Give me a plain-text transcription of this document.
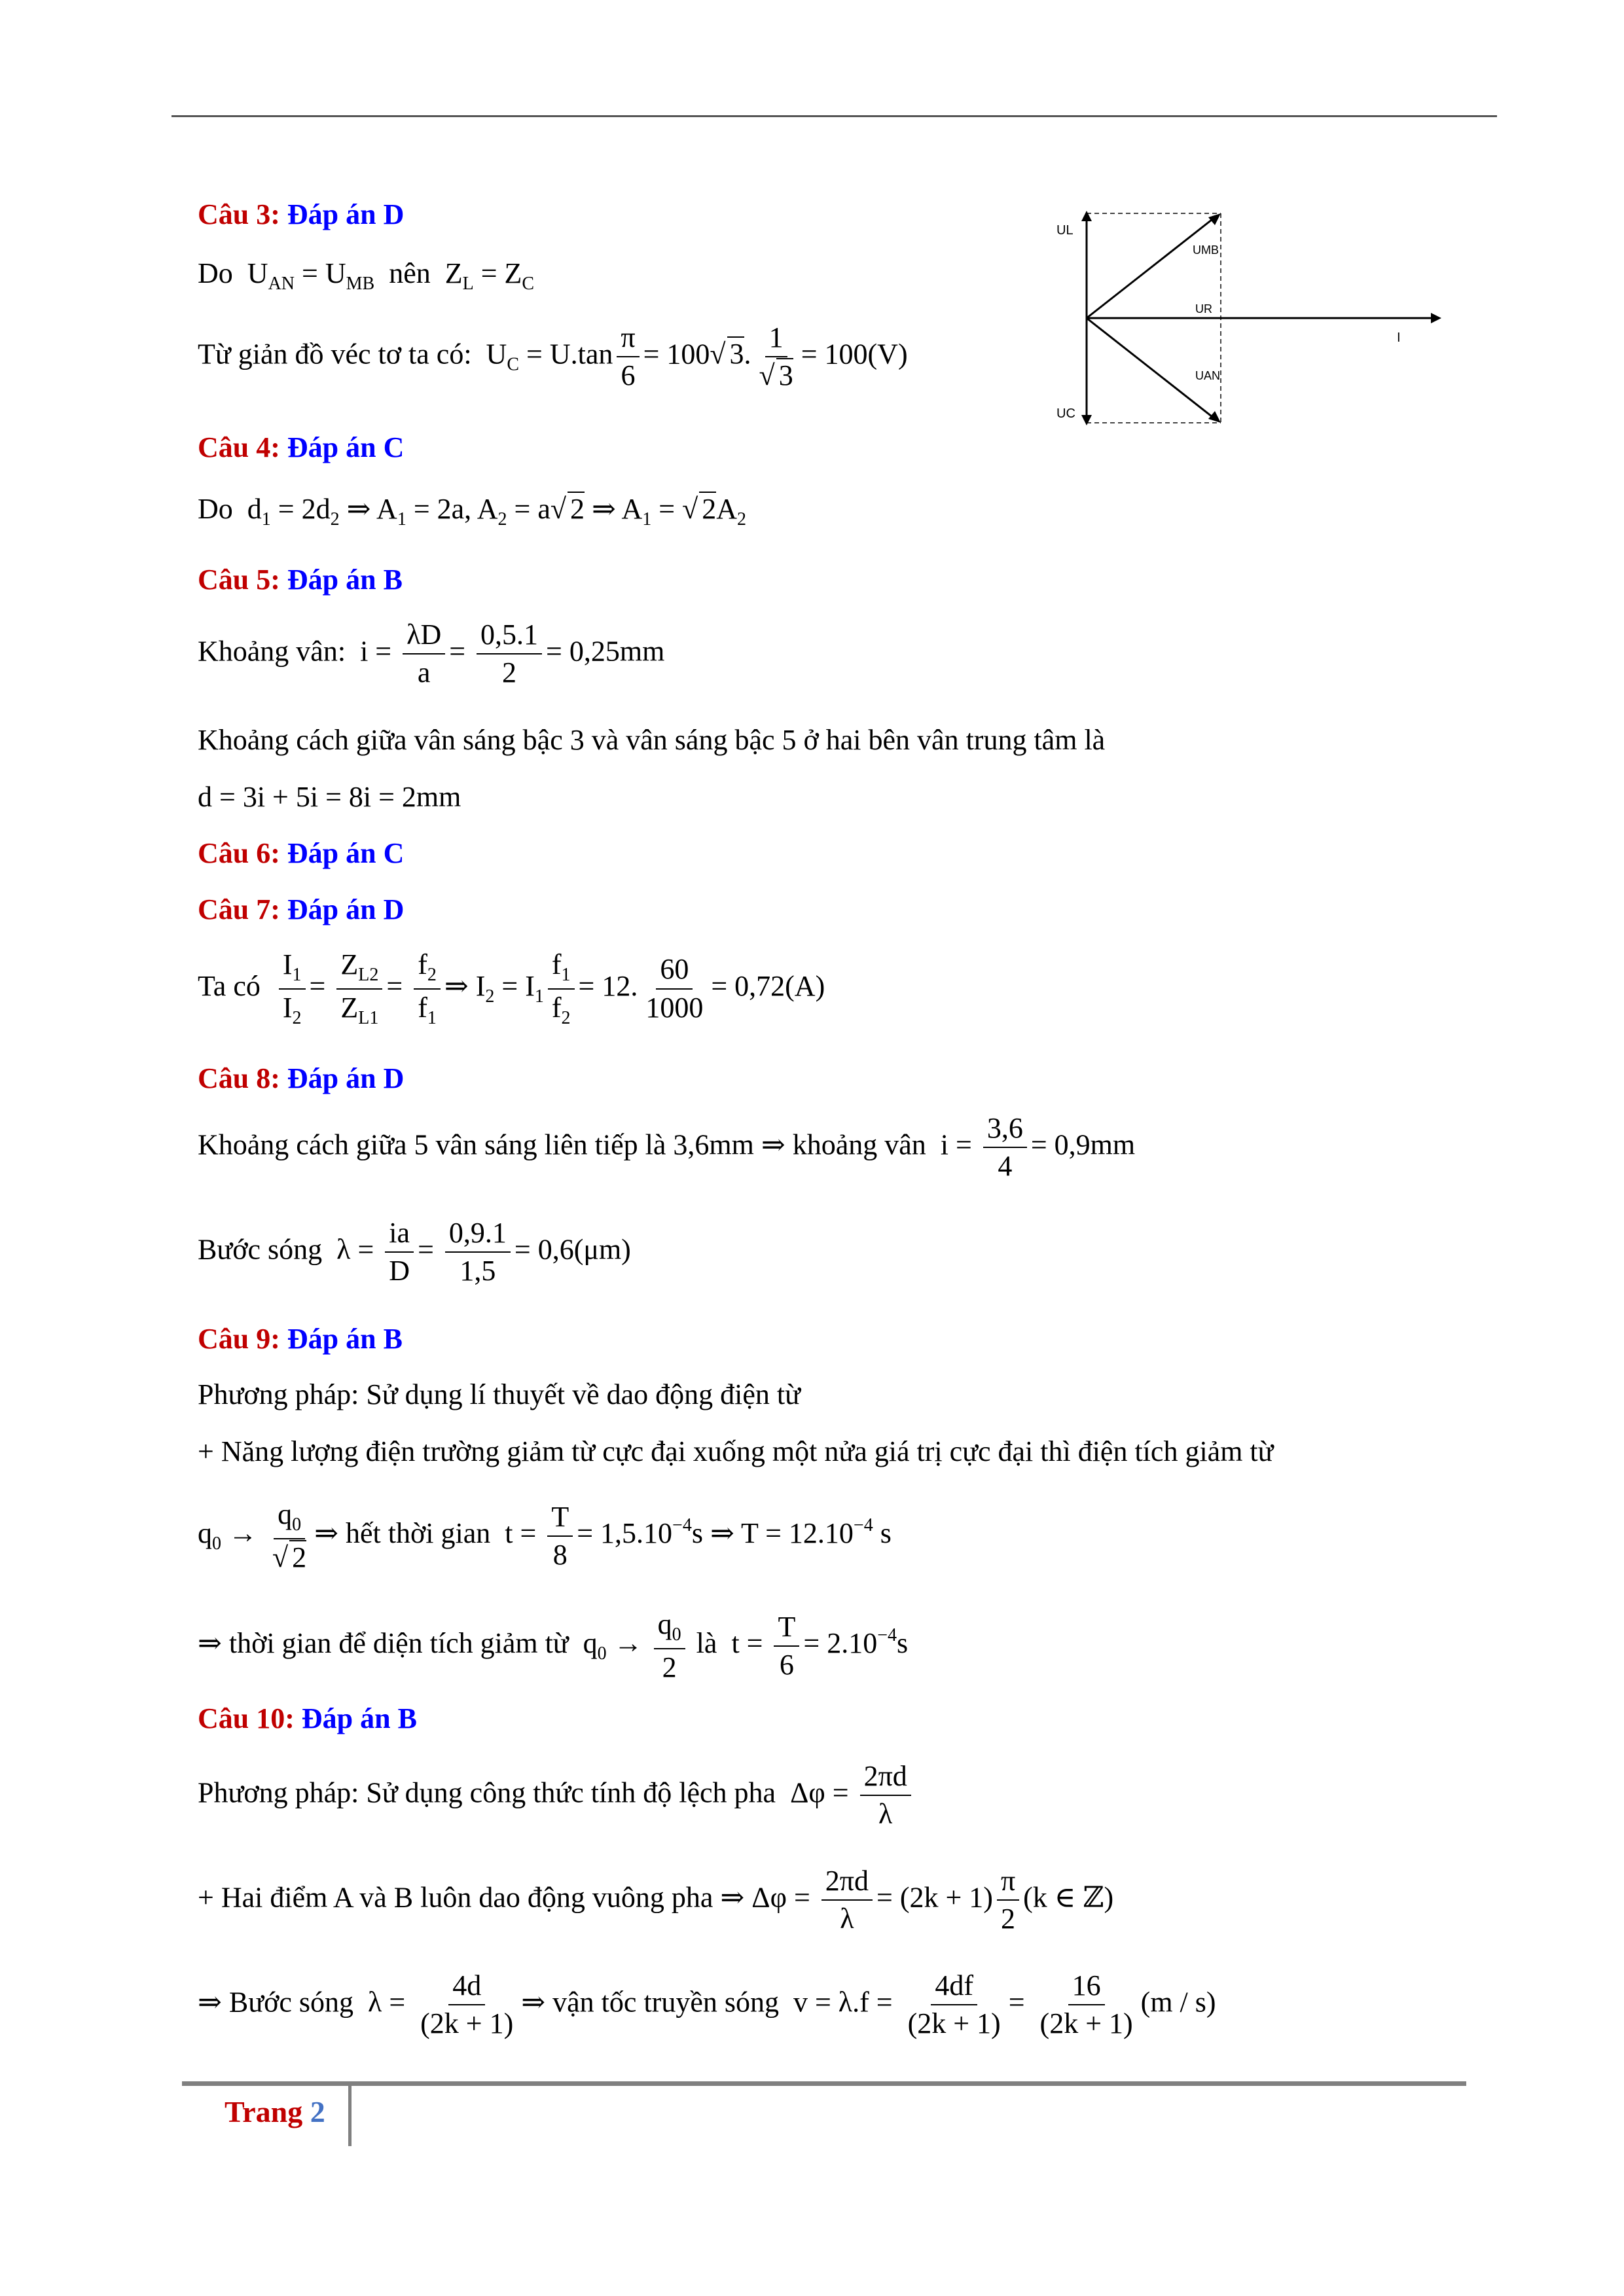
Câu 3: Đáp án D
Do  $U_{AN} = U_{MB}$ nên  $Z_L = Z_C$
Từ giản đồ véc tơ ta có:  $U_C = U.\tan \frac{\pi}{6} = 100√$ 3. $\frac{1}{√ 3} = 100(V)$
UL
UC
UMB
UR
UAN
I
Câu 4: Đáp án C
Do  $d_1 = 2d_2$ ⇒ $A_1 = 2a$, $A_2 = a√$ 2 ⇒ $A_1$ = √ $2A_2$
Câu 5: Đáp án B
Khoảng vân:  $i = \frac{\lambda D}{a} = \frac{0,5.1}{2} = 0,25mm$
Khoảng cách giữa vân sáng bậc 3 và vân sáng bậc 5 ở hai bên vân trung tâm là
d = 3i + 5i = 8i = 2mm
Câu 6: Đáp án C
Câu 7: Đáp án D
Ta có $\frac{I_1}{I_2} = \frac{Z_{L2}}{Z_{L1}} = \frac{f_2}{f_1}$ ⇒ $I_2 = I_1 \frac{f_1}{f_2} = 12$. $\frac{60}{1000} = 0,72(A)$
Câu 8: Đáp án D
Khoảng cách giữa 5 vân sáng liên tiếp là 3,6mm ⇒ khoảng vân  $i = \frac{3,6}{4} = 0,9mm$
Bước sóng  $\lambda = \frac{ia}{D} = \frac{0,9.1}{1,5} = 0,6(\mu m)$
Câu 9: Đáp án B
Phương pháp: Sử dụng lí thuyết về dao động điện từ
+ Năng lượng điện trường giảm từ cực đại xuống một nửa giá trị cực đại thì điện tích giảm từ
$q_0 \to \frac{q_0}{√ 2}$ ⇒ hết thời gian  $t = \frac{T}{8} = 1,5.10^{-4}s$ ⇒ $T = 12.10^{-4}$ s
⇒ thời gian để diện tích giảm từ  $q_0 \to \frac{q_0}{2}$ là  $t = \frac{T}{6} = 2.10^{-4}s$
Câu 10: Đáp án B
Phương pháp: Sử dụng công thức tính độ lệch pha  $\Delta\varphi = \frac{2\pi d}{\lambda}$
+ Hai điểm A và B luôn dao động vuông pha ⇒ $\Delta\varphi = \frac{2\pi d}{\lambda} = (2k + 1) \frac{\pi}{2} (k$ ∈ ℤ)
⇒ Bước sóng  $\lambda = \frac{4d}{(2k + 1)}$ ⇒ vận tốc truyền sóng  $v = \lambda.f = \frac{4df}{(2k + 1)} = \frac{16}{(2k + 1)} (m / s)$
Trang 2
